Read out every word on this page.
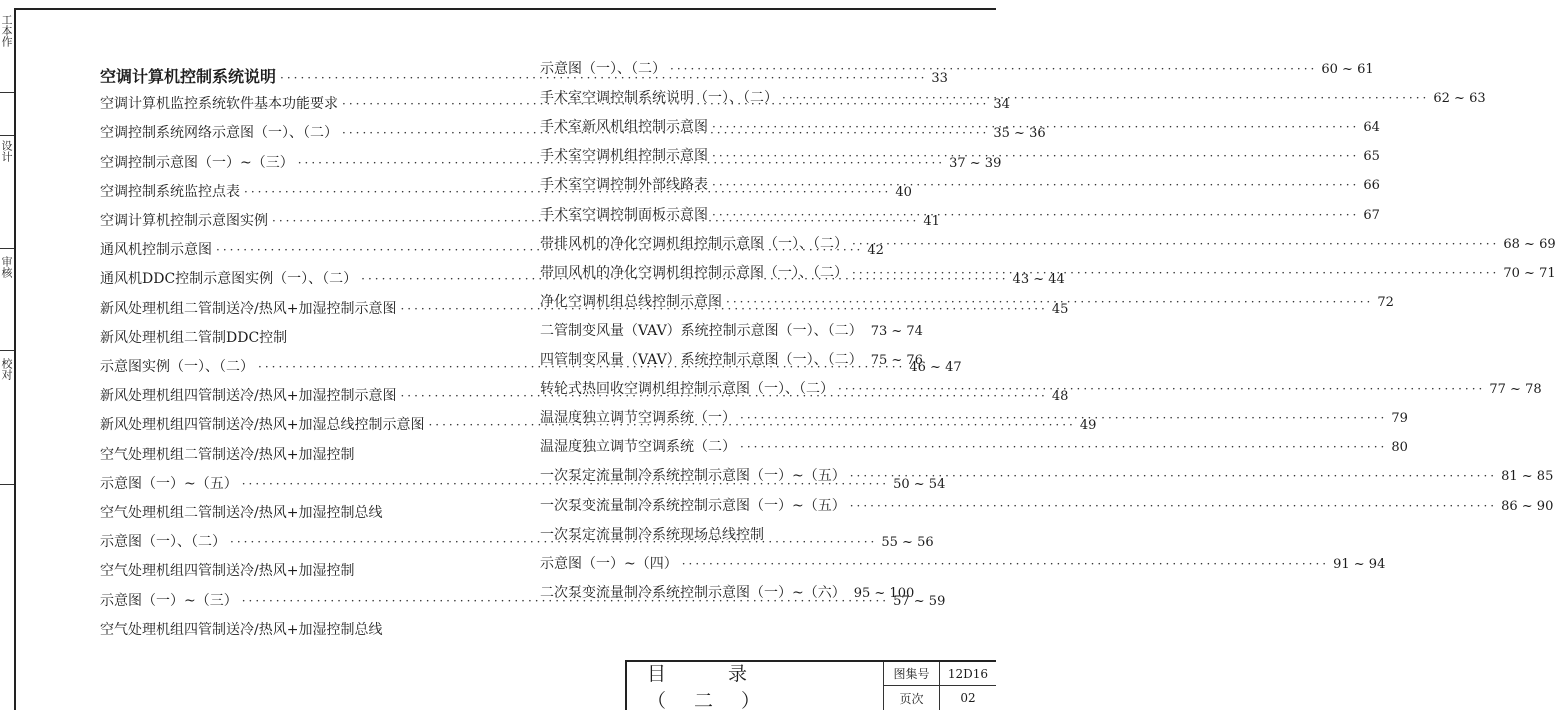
工本作
设计
审核
校对
空调计算机控制系统说明 ·····	33
空调计算机监控系统软件基本功能要求 ·····	34
空调控制系统网络示意图（一）、（二） ·····	35 ~ 36
空调控制示意图（一）~（三） ·····	37 ~ 39
空调控制系统监控点表 ·····	40
空调计算机控制示意图实例 ·····	41
通风机控制示意图 ·····	42
通风机DDC控制示意图实例（一）、（二） ·····	43 ~ 44
新风处理机组二管制送冷/热风+加湿控制示意图 ·····	45
新风处理机组二管制DDC控制
示意图实例（一）、（二） ·····	46 ~ 47
新风处理机组四管制送冷/热风+加湿控制示意图 ·····	48
新风处理机组四管制送冷/热风+加湿总线控制示意图 ·····	49
空气处理机组二管制送冷/热风+加湿控制
示意图（一）~（五） ·····	50 ~ 54
空气处理机组二管制送冷/热风+加湿控制总线
示意图（一）、（二） ·····	55 ~ 56
空气处理机组四管制送冷/热风+加湿控制
示意图（一）~（三） ·····	57 ~ 59
空气处理机组四管制送冷/热风+加湿控制总线
示意图（一）、（二） ·····	60 ~ 61
手术室空调控制系统说明（一）、（二） ·····	62 ~ 63
手术室新风机组控制示意图 ·····	64
手术室空调机组控制示意图 ·····	65
手术室空调控制外部线路表 ·····	66
手术室空调控制面板示意图 ·····	67
带排风机的净化空调机组控制示意图（一）、（二） ·····	68 ~ 69
带回风机的净化空调机组控制示意图（一）、（二） ·····	70 ~ 71
净化空调机组总线控制示意图 ·····	72
二管制变风量（VAV）系统控制示意图（一）、（二） 73 ~ 74
四管制变风量（VAV）系统控制示意图（一）、（二） 75 ~ 76
转轮式热回收空调机组控制示意图（一）、（二） ·····	77 ~ 78
温湿度独立调节空调系统（一） ·····	79
温湿度独立调节空调系统（二） ·····	80
一次泵定流量制冷系统控制示意图（一）~（五） ·····	81 ~ 85
一次泵变流量制冷系统控制示意图（一）~（五） ·····	86 ~ 90
一次泵定流量制冷系统现场总线控制
示意图（一）~（四） ·····	91 ~ 94
二次泵变流量制冷系统控制示意图（一）~（六） 95 ~ 100
目 录（二）
图集号	12D16
页次	02
